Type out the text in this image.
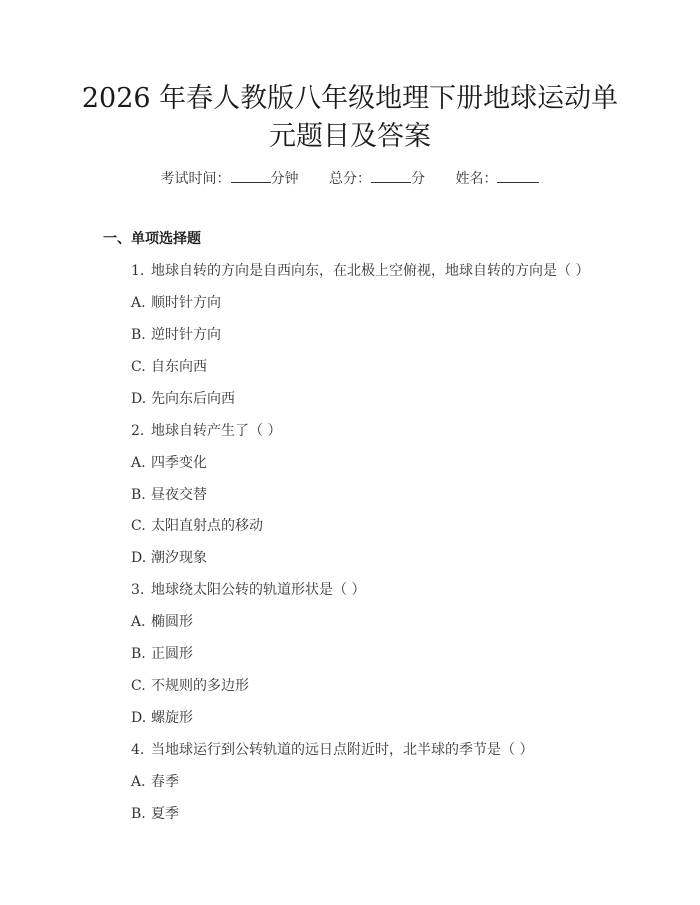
2026 年春人教版八年级地理下册地球运动单
元题目及答案
考试时间：	分钟 总分：	分 姓名：
一、单项选择题
1. 地球自转的方向是自西向东，在北极上空俯视，地球自转的方向是（ ）
A. 顺时针方向
B. 逆时针方向
C. 自东向西
D. 先向东后向西
2. 地球自转产生了（ ）
A. 四季变化
B. 昼夜交替
C. 太阳直射点的移动
D. 潮汐现象
3. 地球绕太阳公转的轨道形状是（ ）
A. 椭圆形
B. 正圆形
C. 不规则的多边形
D. 螺旋形
4. 当地球运行到公转轨道的远日点附近时，北半球的季节是（ ）
A. 春季
B. 夏季
